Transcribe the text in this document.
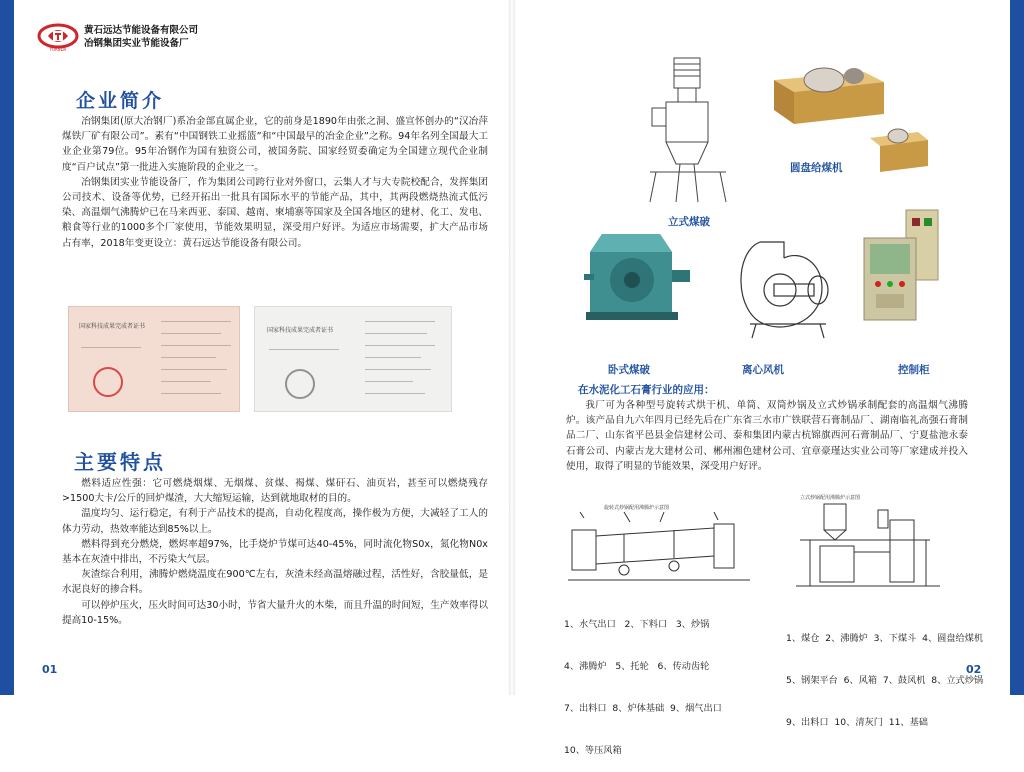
YUANDA
黄石远达节能设备有限公司
冶钢集团实业节能设备厂
企业简介

冶钢集团(原大冶钢厂)系冶金部直属企业，它的前身是1890年由张之洞、盛宣怀创办的“汉冶萍煤铁厂矿有限公司”。素有“中国钢铁工业摇篮”和“中国最早的冶金企业”之称。94年名列全国最大工业企业第79位。95年冶钢作为国有独资公司，被国务院、国家经贸委确定为全国建立现代企业制度“百户试点”第一批进入实施阶段的企业之一。

冶钢集团实业节能设备厂，作为集团公司跨行业对外窗口，云集人才与大专院校配合，发挥集团公司技术、设备等优势，已经开拓出一批具有国际水平的节能产品，其中，其两段燃烧热流式低污染、高温烟气沸腾炉已在马来西亚、泰国、越南、柬埔寨等国家及全国各地区的建材、化工、发电、粮食等行业的1000多个厂家使用，节能效果明显，深受用户好评。为适应市场需要，扩大产品市场占有率，2018年变更设立：黄石远达节能设备有限公司。

国家科技成果完成者证书
国家科技成果完成者证书
主要特点

燃料适应性强：它可燃烧烟煤、无烟煤、贫煤、褐煤、煤矸石、油页岩，甚至可以燃烧残存>1500大卡/公斤的回炉煤渣，大大缩短运输，达到就地取材的目的。

温度均匀、运行稳定，有利于产品技术的提高，自动化程度高，操作极为方便，大减轻了工人的体力劳动，热效率能达到85%以上。

燃料得到充分燃烧，燃烬率超97%，比手烧炉节煤可达40-45%，同时流化物S0x，氮化物N0x基本在灰渣中排出，不污染大气层。

灰渣综合利用，沸腾炉燃烧温度在900℃左右，灰渣未经高温熔融过程，活性好，含胶量低，是水泥良好的掺合料。

可以停炉压火，压火时间可达30小时，节省大量升火的木柴，而且升温的时间短，生产效率得以提高10-15%。

01
立式煤破
圆盘给煤机
卧式煤破	离心风机	控制柜
在水泥化工石膏行业的应用：

我厂可为各种型号旋转式烘干机、单筒、双筒炒锅及立式炒锅承制配套的高温烟气沸腾炉。该产品自九六年四月已经先后在广东省三水市广铁联营石膏制品厂、湖南临礼高强石膏制品二厂、山东省平邑县金信建材公司、泰和集团内蒙古杭锦旗西河石膏制品厂、宁夏盐池永泰石膏公司、内蒙古龙大建材公司、郴州湘色建材公司、宜章豪瑾达实业公司等厂家建成并投入使用，取得了明显的节能效果，深受用户好评。

旋转式炒锅配用沸腾炉示意图

1、水气出口   2、下料口   3、炒锅

4、沸腾炉   5、托轮   6、传动齿轮

7、出料口  8、炉体基础  9、烟气出口

10、等压风箱

立式炒锅配用沸腾炉示意图

1、煤仓  2、沸腾炉  3、下煤斗  4、圆盘给煤机

5、钢架平台  6、风箱  7、鼓风机  8、立式炒锅

9、出料口  10、清灰门  11、基础

02
